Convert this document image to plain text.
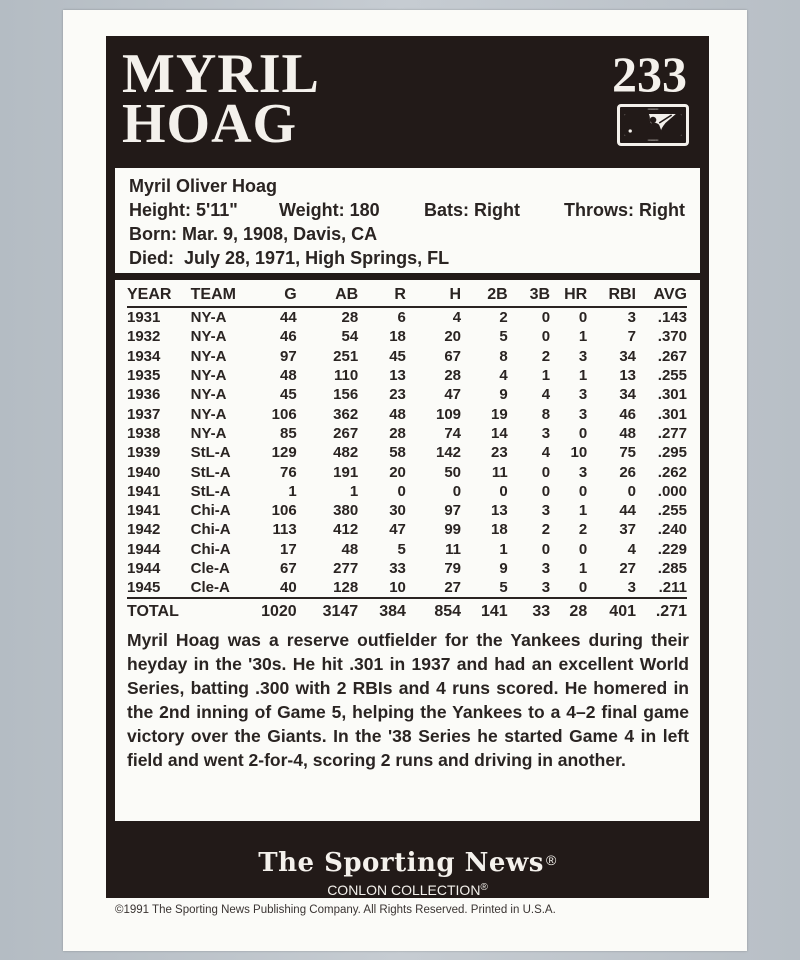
MYRIL
HOAG
233
▪▪▪▪▪▪▪▪▪▪
▪▪▪▪▪▪▪▪▪▪
Myril Oliver Hoag
Height: 5'11"	Weight: 180	Bats: Right	Throws: Right
Born: Mar. 9, 1908, Davis, CA
Died:  July 28, 1971, High Springs, FL
YEAR	TEAM	G	AB	R	H	2B	3B	HR	RBI	AVG
1931	NY-A	44	28	6	4	2	0	0	3	.143
1932	NY-A	46	54	18	20	5	0	1	7	.370
1934	NY-A	97	251	45	67	8	2	3	34	.267
1935	NY-A	48	110	13	28	4	1	1	13	.255
1936	NY-A	45	156	23	47	9	4	3	34	.301
1937	NY-A	106	362	48	109	19	8	3	46	.301
1938	NY-A	85	267	28	74	14	3	0	48	.277
1939	StL-A	129	482	58	142	23	4	10	75	.295
1940	StL-A	76	191	20	50	11	0	3	26	.262
1941	StL-A	1	1	0	0	0	0	0	0	.000
1941	Chi-A	106	380	30	97	13	3	1	44	.255
1942	Chi-A	113	412	47	99	18	2	2	37	.240
1944	Chi-A	17	48	5	11	1	0	0	4	.229
1944	Cle-A	67	277	33	79	9	3	1	27	.285
1945	Cle-A	40	128	10	27	5	3	0	3	.211
TOTAL		1020	3147	384	854	141	33	28	401	.271
Myril Hoag was a reserve outfielder for the Yankees during their heyday in the '30s. He hit .301 in 1937 and had an excellent World Series, batting .300 with 2 RBIs and 4 runs scored. He homered in the 2nd inning of Game 5, helping the Yankees to a 4–2 final game victory over the Giants. In the '38 Series he started Game 4 in left field and went 2-for-4, scoring 2 runs and driving in another.
The Sporting News ®
CONLON COLLECTION®
©1991 The Sporting News Publishing Company. All Rights Reserved. Printed in U.S.A.
